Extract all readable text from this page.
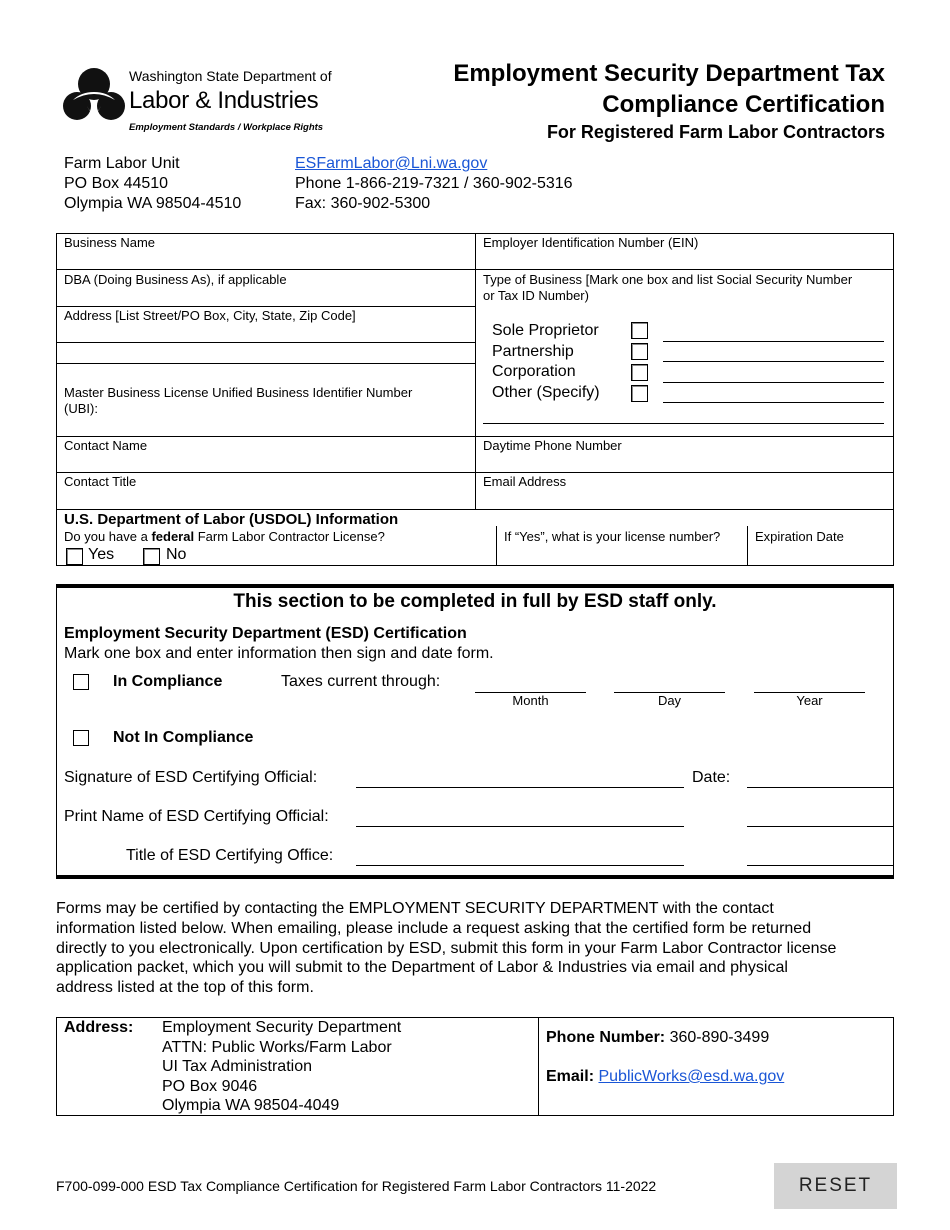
Washington State Department of
Labor & Industries
Employment Standards / Workplace Rights
Employment Security Department Tax
Compliance Certification
For Registered Farm Labor Contractors
Farm Labor Unit
PO Box 44510
Olympia WA 98504-4510
ESFarmLabor@Lni.wa.gov
Phone 1-866-219-7321 / 360-902-5316
Fax: 360-902-5300
Business Name	Employer Identification Number (EIN)
DBA (Doing Business As), if applicable	Type of Business [Mark one box and list Social Security Number
or Tax ID Number)
Address [List Street/PO Box, City, State, Zip Code]
Master Business License Unified Business Identifier Number
(UBI):
Sole Proprietor
Partnership
Corporation
Other (Specify)
Contact Name	Daytime Phone Number
Contact Title	Email Address
U.S. Department of Labor (USDOL) Information
Do you have a federal Farm Labor Contractor License?
Yes	No
If “Yes”, what is your license number?	Expiration Date
This section to be completed in full by ESD staff only.
Employment Security Department (ESD) Certification
Mark one box and enter information then sign and date form.
In Compliance	Taxes current through:
Month	Day	Year
Not In Compliance
Signature of ESD Certifying Official:	Date:
Print Name of ESD Certifying Official:
Title of ESD Certifying Office:
Forms may be certified by contacting the EMPLOYMENT SECURITY DEPARTMENT with the contact
information listed below. When emailing, please include a request asking that the certified form be returned
directly to you electronically. Upon certification by ESD, submit this form in your Farm Labor Contractor license
application packet, which you will submit to the Department of Labor & Industries via email and physical
address listed at the top of this form.
Address: Employment Security Department
ATTN: Public Works/Farm Labor
UI Tax Administration
PO Box 9046
Olympia WA 98504-4049
Phone Number: 360-890-3499
Email: PublicWorks@esd.wa.gov
F700-099-000 ESD Tax Compliance Certification for Registered Farm Labor Contractors 11-2022	RESET
